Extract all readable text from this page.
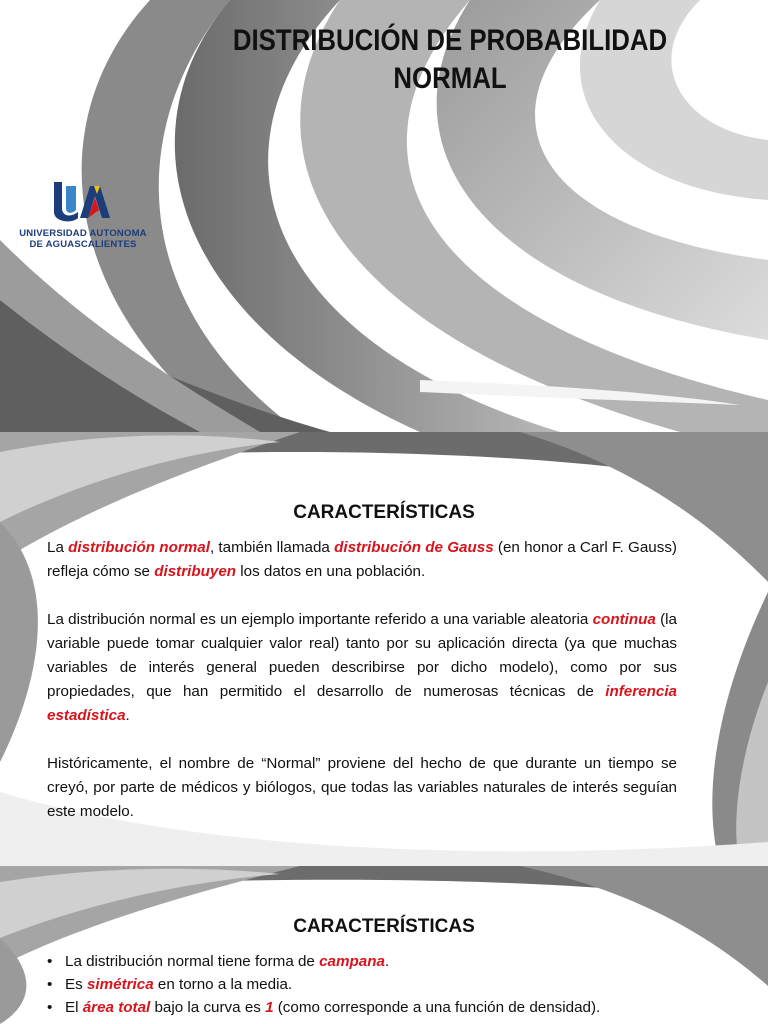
DISTRIBUCIÓN DE PROBABILIDAD
NORMAL
UNIVERSIDAD AUTONOMA
DE AGUASCALIENTES
CARACTERÍSTICAS

La distribución normal, también llamada distribución de Gauss (en honor a Carl F. Gauss) refleja cómo se distribuyen los datos en una población.

La distribución normal es un ejemplo importante referido a una variable aleatoria continua (la variable puede tomar cualquier valor real) tanto por su aplicación directa (ya que muchas variables de interés general pueden describirse por dicho modelo), como por sus propiedades, que han permitido el desarrollo de numerosas técnicas de inferencia estadística.

Históricamente, el nombre de “Normal” proviene del hecho de que durante un tiempo se creyó, por parte de médicos y biólogos, que todas las variables naturales de interés seguían este modelo.

CARACTERÍSTICAS
• La distribución normal tiene forma de campana.
• Es simétrica en torno a la media.
• El área total bajo la curva es 1 (como corresponde a una función de densidad).
